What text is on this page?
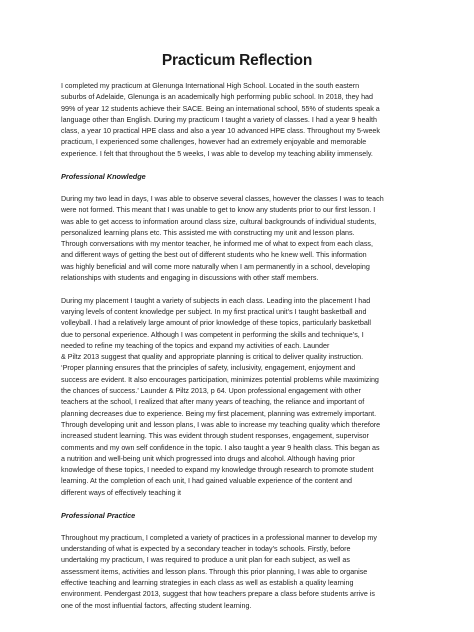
Practicum Reflection
I completed my practicum at Glenunga International High School. Located in the south eastern
suburbs of Adelaide, Glenunga is an academically high performing public school. In 2018, they had
99% of year 12 students achieve their SACE. Being an international school, 55% of students speak a
language other than English. During my practicum I taught a variety of classes. I had a year 9 health
class, a year 10 practical HPE class and also a year 10 advanced HPE class. Throughout my 5-week
practicum, I experienced some challenges, however had an extremely enjoyable and memorable
experience. I felt that throughout the 5 weeks, I was able to develop my teaching ability immensely.
Professional Knowledge
During my two lead in days, I was able to observe several classes, however the classes I was to teach
were not formed. This meant that I was unable to get to know any students prior to our first lesson. I
was able to get access to information around class size, cultural backgrounds of individual students,
personalized learning plans etc. This assisted me with constructing my unit and lesson plans.
Through conversations with my mentor teacher, he informed me of what to expect from each class,
and different ways of getting the best out of different students who he knew well. This information
was highly beneficial and will come more naturally when I am permanently in a school, developing
relationships with students and engaging in discussions with other staff members.
During my placement I taught a variety of subjects in each class. Leading into the placement I had
varying levels of content knowledge per subject. In my first practical unit’s I taught basketball and
volleyball. I had a relatively large amount of prior knowledge of these topics, particularly basketball
due to personal experience. Although I was competent in performing the skills and technique’s, I
needed to refine my teaching of the topics and expand my activities of each. Launder
& Piltz 2013 suggest that quality and appropriate planning is critical to deliver quality instruction.
‘Proper planning ensures that the principles of safety, inclusivity, engagement, enjoyment and
success are evident. It also encourages participation, minimizes potential problems while maximizing
the chances of success.’ Launder & Piltz 2013, p 64. Upon professional engagement with other
teachers at the school, I realized that after many years of teaching, the reliance and important of
planning decreases due to experience. Being my first placement, planning was extremely important.
Through developing unit and lesson plans, I was able to increase my teaching quality which therefore
increased student learning. This was evident through student responses, engagement, supervisor
comments and my own self confidence in the topic. I also taught a year 9 health class. This began as
a nutrition and well-being unit which progressed into drugs and alcohol. Although having prior
knowledge of these topics, I needed to expand my knowledge through research to promote student
learning. At the completion of each unit, I had gained valuable experience of the content and
different ways of effectively teaching it
Professional Practice
Throughout my practicum, I completed a variety of practices in a professional manner to develop my
understanding of what is expected by a secondary teacher in today’s schools. Firstly, before
undertaking my practicum, I was required to produce a unit plan for each subject, as well as
assessment items, activities and lesson plans. Through this prior planning, I was able to organise
effective teaching and learning strategies in each class as well as establish a quality learning
environment. Pendergast 2013, suggest that how teachers prepare a class before students arrive is
one of the most influential factors, affecting student learning.
